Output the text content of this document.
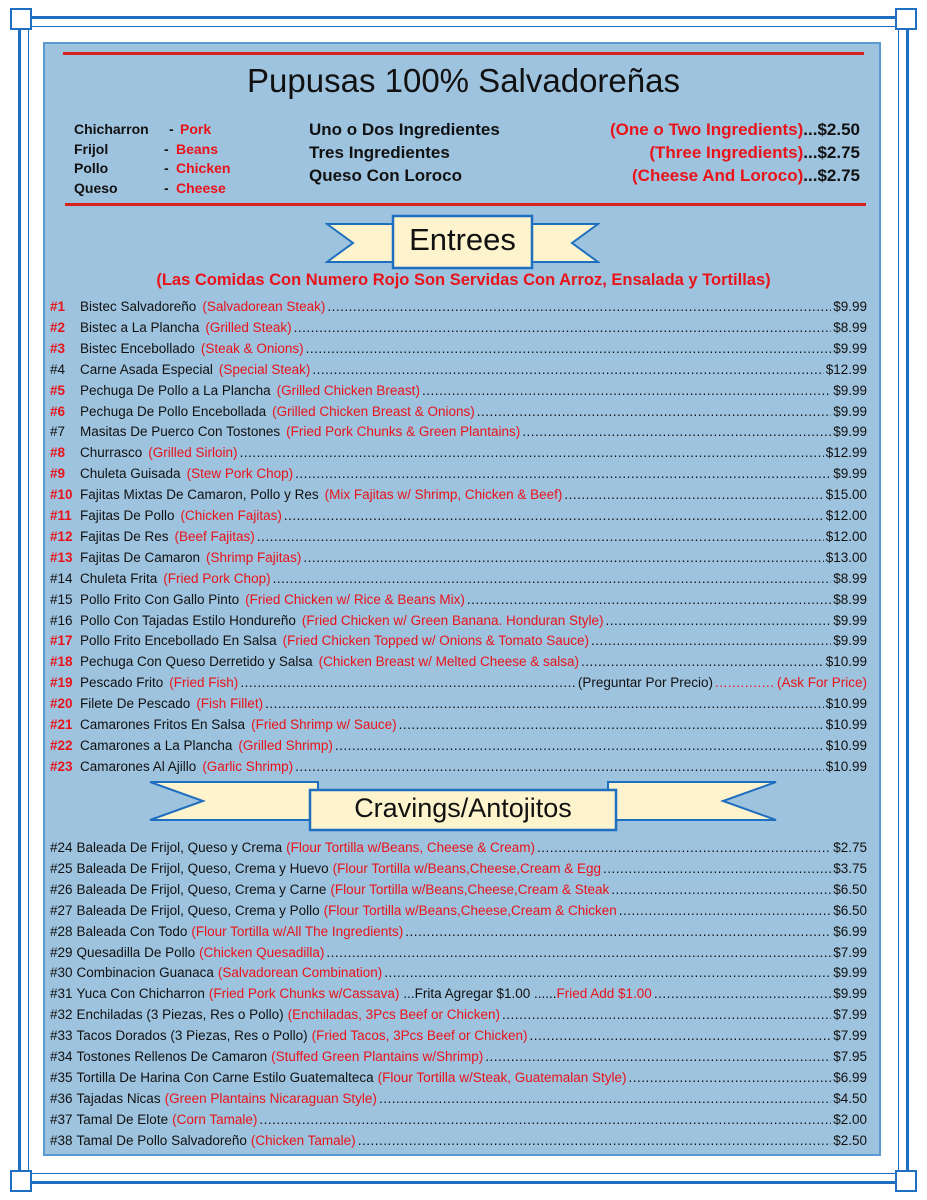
Pupusas 100% Salvadoreñas
Chicharron - Pork
Frijol	- Beans
Pollo	- Chicken
Queso	- Cheese
Uno o Dos Ingredientes	(One o Two Ingredients)...$2.50
Tres Ingredientes	(Three Ingredients)...$2.75
Queso Con Loroco	(Cheese And Loroco)...$2.75
Entrees
(Las Comidas Con Numero Rojo Son Servidas Con Arroz, Ensalada y Tortillas)
#1	Bistec Salvadoreño (Salvadorean Steak) .....	$9.99
#2	Bistec a La Plancha (Grilled Steak) .....	$8.99
#3	Bistec Encebollado (Steak & Onions) .....	$9.99
#4	Carne Asada Especial (Special Steak) .....	$12.99
#5	Pechuga De Pollo a La Plancha (Grilled Chicken Breast) .....	$9.99
#6	Pechuga De Pollo Encebollada (Grilled Chicken Breast & Onions) .....	$9.99
#7	Masitas De Puerco Con Tostones (Fried Pork Chunks & Green Plantains) .....	$9.99
#8	Churrasco (Grilled Sirloin) .....	$12.99
#9	Chuleta Guisada (Stew Pork Chop) .....	$9.99
#10 Fajitas Mixtas De Camaron, Pollo y Res (Mix Fajitas w/ Shrimp, Chicken & Beef) .....	$15.00
#11 Fajitas De Pollo (Chicken Fajitas) .....	$12.00
#12 Fajitas De Res (Beef Fajitas) .....	$12.00
#13 Fajitas De Camaron (Shrimp Fajitas) .....	$13.00
#14 Chuleta Frita (Fried Pork Chop) .....	$8.99
#15 Pollo Frito Con Gallo Pinto (Fried Chicken w/ Rice & Beans Mix) .....	$8.99
#16 Pollo Con Tajadas Estilo Hondureño (Fried Chicken w/ Green Banana. Honduran Style) .....	$9.99
#17 Pollo Frito Encebollado En Salsa (Fried Chicken Topped w/ Onions & Tomato Sauce) .....	$9.99
#18 Pechuga Con Queso Derretido y Salsa (Chicken Breast w/ Melted Cheese & salsa) .....	$10.99
#20 Filete De Pescado (Fish Fillet) .....	$10.99
#21 Camarones Fritos En Salsa (Fried Shrimp w/ Sauce) .....	$10.99
#22 Camarones a La Plancha (Grilled Shrimp) .....	$10.99
#23 Camarones Al Ajillo (Garlic Shrimp) .....	$10.99
#19 Pescado Frito (Fried Fish) .....	(Preguntar Por Precio) .....	(Ask For Price)
Cravings/Antojitos
#24 Baleada De Frijol, Queso y Crema (Flour Tortilla w/Beans, Cheese & Cream) .....	$2.75
#25 Baleada De Frijol, Queso, Crema y Huevo (Flour Tortilla w/Beans,Cheese,Cream & Egg .....	$3.75
#26 Baleada De Frijol, Queso, Crema y Carne (Flour Tortilla w/Beans,Cheese,Cream & Steak .....	$6.50
#27 Baleada De Frijol, Queso, Crema y Pollo (Flour Tortilla w/Beans,Cheese,Cream & Chicken .....	$6.50
#28 Baleada Con Todo (Flour Tortilla w/All The Ingredients) .....	$6.99
#29 Quesadilla De Pollo (Chicken Quesadilla) .....	$7.99
#30 Combinacion Guanaca (Salvadorean Combination) .....	$9.99
#32 Enchiladas (3 Piezas, Res o Pollo) (Enchiladas, 3Pcs Beef or Chicken) .....	$7.99
#33 Tacos Dorados (3 Piezas, Res o Pollo) (Fried Tacos, 3Pcs Beef or Chicken) .....	$7.99
#34 Tostones Rellenos De Camaron (Stuffed Green Plantains w/Shrimp) .....	$7.95
#35 Tortilla De Harina Con Carne Estilo Guatemalteca (Flour Tortilla w/Steak, Guatemalan Style) .....	$6.99
#36 Tajadas Nicas (Green Plantains Nicaraguan Style) .....	$4.50
#37 Tamal De Elote (Corn Tamale) .....	$2.00
#38 Tamal De Pollo Salvadoreño (Chicken Tamale) .....	$2.50
#31 Yuca Con Chicharron (Fried Pork Chunks w/Cassava) ...Frita Agregar $1.00 ...... Fried Add $1.00 .....	$9.99
